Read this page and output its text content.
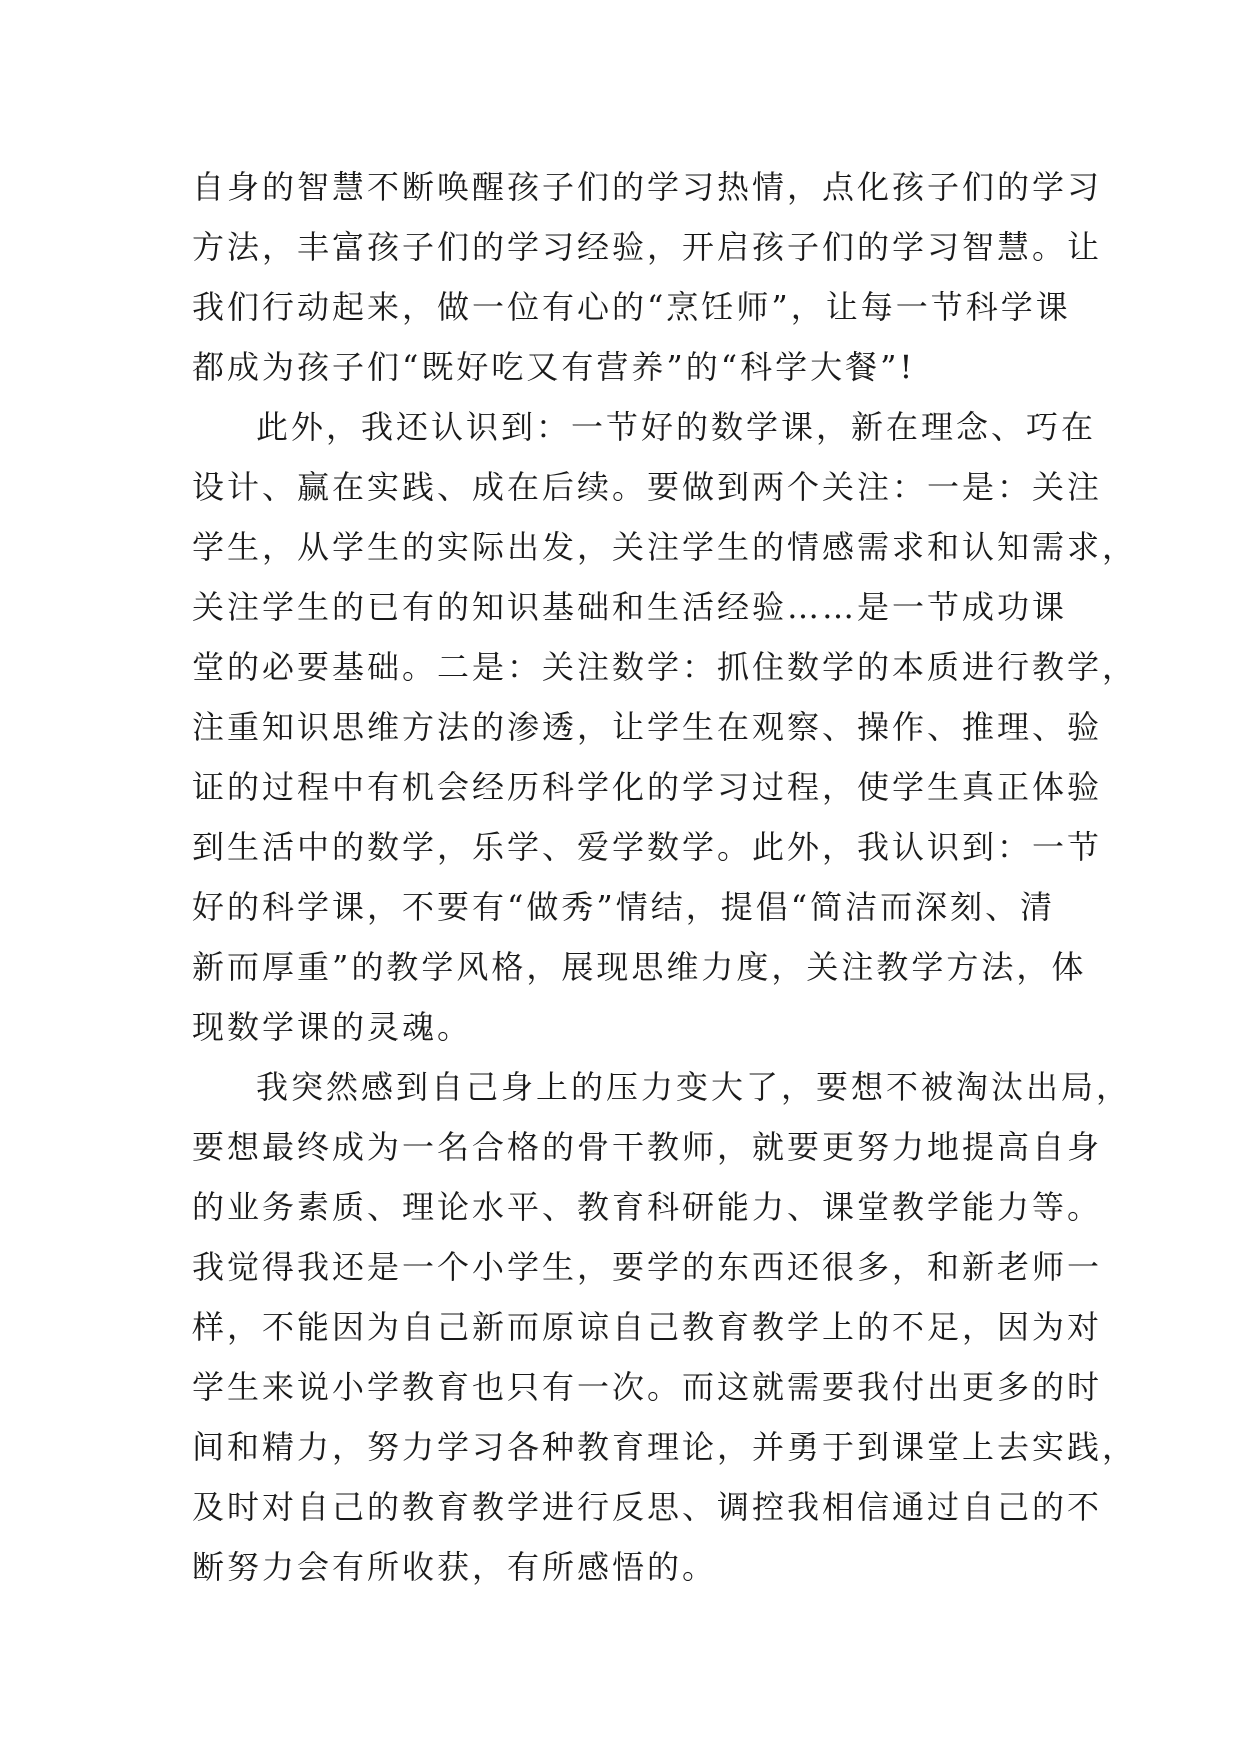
自身的智慧不断唤醒孩子们的学习热情，点化孩子们的学习
方法，丰富孩子们的学习经验，开启孩子们的学习智慧。让
我们行动起来，做一位有心的“烹饪师”，让每一节科学课
都成为孩子们“既好吃又有营养”的“科学大餐”!
此外，我还认识到：一节好的数学课，新在理念、巧在
设计、赢在实践、成在后续。要做到两个关注：一是：关注
学生，从学生的实际出发，关注学生的情感需求和认知需求，
关注学生的已有的知识基础和生活经验……是一节成功课
堂的必要基础。二是：关注数学：抓住数学的本质进行教学，
注重知识思维方法的渗透，让学生在观察、操作、推理、验
证的过程中有机会经历科学化的学习过程，使学生真正体验
到生活中的数学，乐学、爱学数学。此外，我认识到：一节
好的科学课，不要有“做秀”情结，提倡“简洁而深刻、清
新而厚重”的教学风格，展现思维力度，关注教学方法，体
现数学课的灵魂。
我突然感到自己身上的压力变大了，要想不被淘汰出局，
要想最终成为一名合格的骨干教师，就要更努力地提高自身
的业务素质、理论水平、教育科研能力、课堂教学能力等。
我觉得我还是一个小学生，要学的东西还很多，和新老师一
样，不能因为自己新而原谅自己教育教学上的不足，因为对
学生来说小学教育也只有一次。而这就需要我付出更多的时
间和精力，努力学习各种教育理论，并勇于到课堂上去实践，
及时对自己的教育教学进行反思、调控我相信通过自己的不
断努力会有所收获，有所感悟的。
